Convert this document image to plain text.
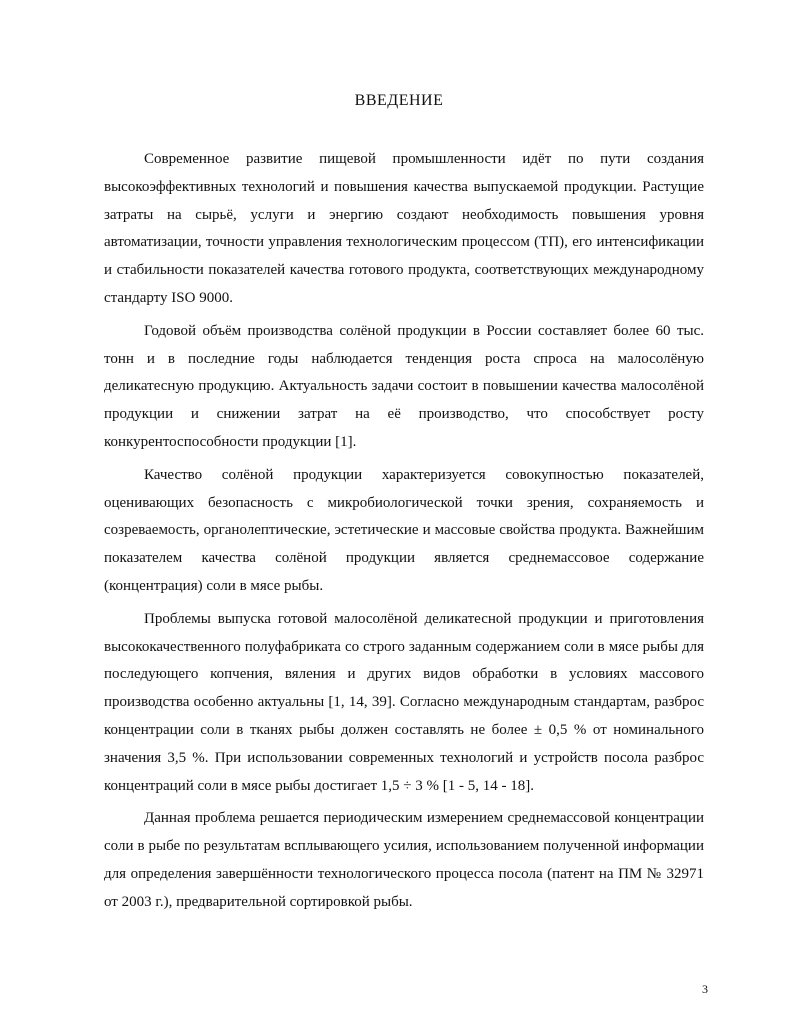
ВВЕДЕНИЕ

Современное развитие пищевой промышленности идёт по пути создания высокоэффективных технологий и повышения качества выпускаемой продукции. Растущие затраты на сырьё, услуги и энергию создают необходимость повышения уровня автоматизации, точности управления технологическим процессом (ТП), его интенсификации и стабильности показателей качества готового продукта, соответствующих международному стандарту ISO 9000.

Годовой объём производства солёной продукции в России составляет более 60 тыс. тонн и в последние годы наблюдается тенденция роста спроса на малосолёную деликатесную продукцию. Актуальность задачи состоит в повышении качества малосолёной продукции и снижении затрат на её производство, что способствует росту конкурентоспособности продукции [1].

Качество солёной продукции характеризуется совокупностью показателей, оценивающих безопасность с микробиологической точки зрения, сохраняемость и созреваемость, органолептические, эстетические и массовые свойства продукта. Важнейшим показателем качества солёной продукции является среднемассовое содержание (концентрация) соли в мясе рыбы.

Проблемы выпуска готовой малосолёной деликатесной продукции и приготовления высококачественного полуфабриката со строго заданным содержанием соли в мясе рыбы для последующего копчения, вяления и других видов обработки в условиях массового производства особенно актуальны [1, 14, 39]. Согласно международным стандартам, разброс концентрации соли в тканях рыбы должен составлять не более ± 0,5 % от номинального значения 3,5 %. При использовании современных технологий и устройств посола разброс концентраций соли в мясе рыбы достигает 1,5 ÷ 3 % [1 - 5, 14 - 18].

Данная проблема решается периодическим измерением среднемассовой концентрации соли в рыбе по результатам всплывающего усилия, использованием полученной информации для определения завершённости технологического процесса посола (патент на ПМ № 32971 от 2003 г.), предварительной сортировкой рыбы.

3
